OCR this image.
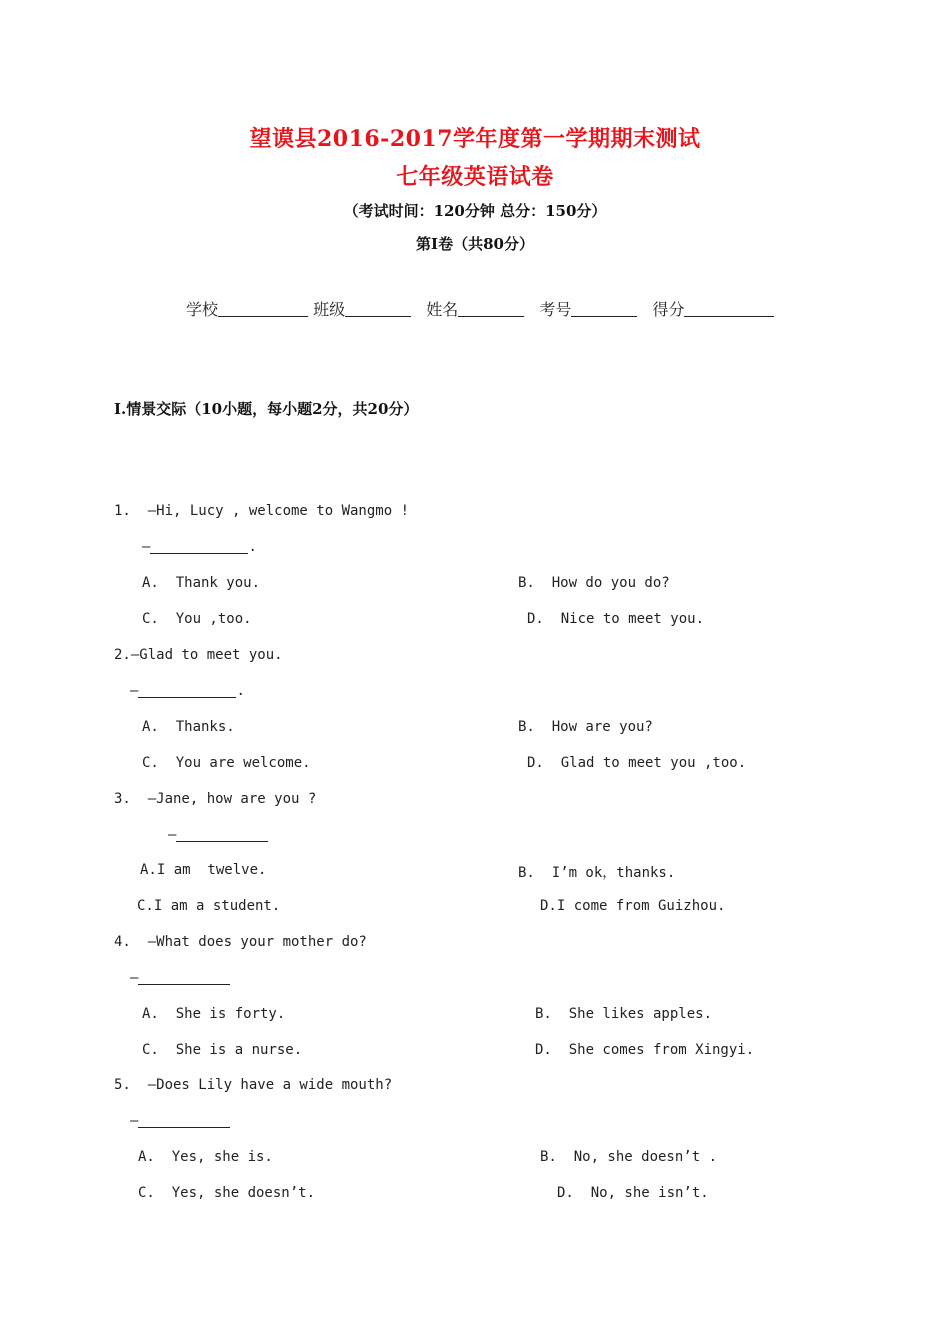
望谟县2016-2017学年度第一学期期末测试
七年级英语试卷
（考试时间：120分钟 总分：150分）
第Ⅰ卷（共80分）
学校	班级	姓名	考号	得分
I.情景交际（10小题，每小题2分，共20分）
1.  —Hi, Lucy , welcome to Wangmo !
—	.
A.  Thank you.	B.  How do you do?
C.  You ,too.	D.  Nice to meet you.
2.—Glad to meet you.
—	.
A.  Thanks.	B.  How are you?
C.  You are welcome.	D.  Glad to meet you ,too.
3.  —Jane, how are you ?
—
A.I am  twelve.	B.  I’m ok，thanks.
C.I am a student.	D.I come from Guizhou.
4.  —What does your mother do?
—
A.  She is forty.	B.  She likes apples.
C.  She is a nurse.	D.  She comes from Xingyi.
5.  —Does Lily have a wide mouth?
—
A.  Yes, she is.	B.  No, she doesn’t .
C.  Yes, she doesn’t.	D.  No, she isn’t.
